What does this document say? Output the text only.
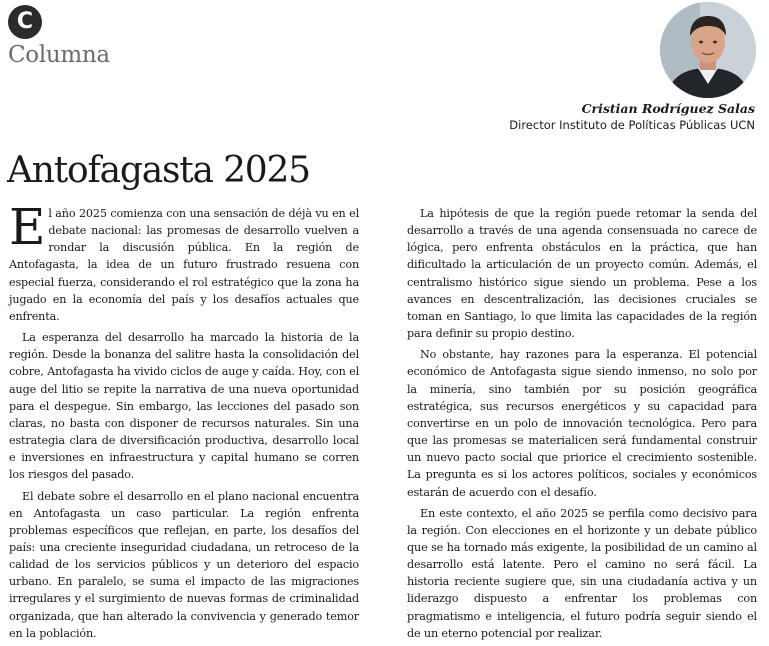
C
Columna
Cristian Rodríguez Salas
Director Instituto de Políticas Públicas UCN
Antofagasta 2025

El año 2025 comienza con una sensación de déjà vu en el debate nacional: las promesas de desarrollo vuelven a rondar la discusión pública. En la región de Antofagasta, la idea de un futuro frustrado resuena con especial fuerza, considerando el rol estratégico que la zona ha jugado en la economía del país y los desafíos actuales que enfrenta.

La esperanza del desarrollo ha marcado la historia de la región. Desde la bonanza del salitre hasta la consolidación del cobre, Antofagasta ha vivido ciclos de auge y caída. Hoy, con el auge del litio se repite la narrativa de una nueva oportunidad para el despegue. Sin embargo, las lecciones del pasado son claras, no basta con disponer de recursos naturales. Sin una estrategia clara de diversificación productiva, desarrollo local e inversiones en infraestructura y capital humano se corren los riesgos del pasado.

El debate sobre el desarrollo en el plano nacional encuentra en Antofagasta un caso particular. La región enfrenta problemas específicos que reflejan, en parte, los desafíos del país: una creciente inseguridad ciudadana, un retroceso de la calidad de los servicios públicos y un deterioro del espacio urbano. En paralelo, se suma el impacto de las migraciones irregulares y el surgimiento de nuevas formas de criminalidad organizada, que han alterado la convivencia y generado temor en la población.

La hipótesis de que la región puede retomar la senda del desarrollo a través de una agenda consensuada no carece de lógica, pero enfrenta obstáculos en la práctica, que han dificultado la articulación de un proyecto común. Además, el centralismo histórico sigue siendo un problema. Pese a los avances en descentralización, las decisiones cruciales se toman en Santiago, lo que limita las capacidades de la región para definir su propio destino.

No obstante, hay razones para la esperanza. El potencial económico de Antofagasta sigue siendo inmenso, no solo por la minería, sino también por su posición geográfica estratégica, sus recursos energéticos y su capacidad para convertirse en un polo de innovación tecnológica. Pero para que las promesas se materialicen será fundamental construir un nuevo pacto social que priorice el crecimiento sostenible. La pregunta es si los actores políticos, sociales y económicos estarán de acuerdo con el desafío.

En este contexto, el año 2025 se perfila como decisivo para la región. Con elecciones en el horizonte y un debate público que se ha tornado más exigente, la posibilidad de un camino al desarrollo está latente. Pero el camino no será fácil. La historia reciente sugiere que, sin una ciudadanía activa y un liderazgo dispuesto a enfrentar los problemas con pragmatismo e inteligencia, el futuro podría seguir siendo el de un eterno potencial por realizar.
